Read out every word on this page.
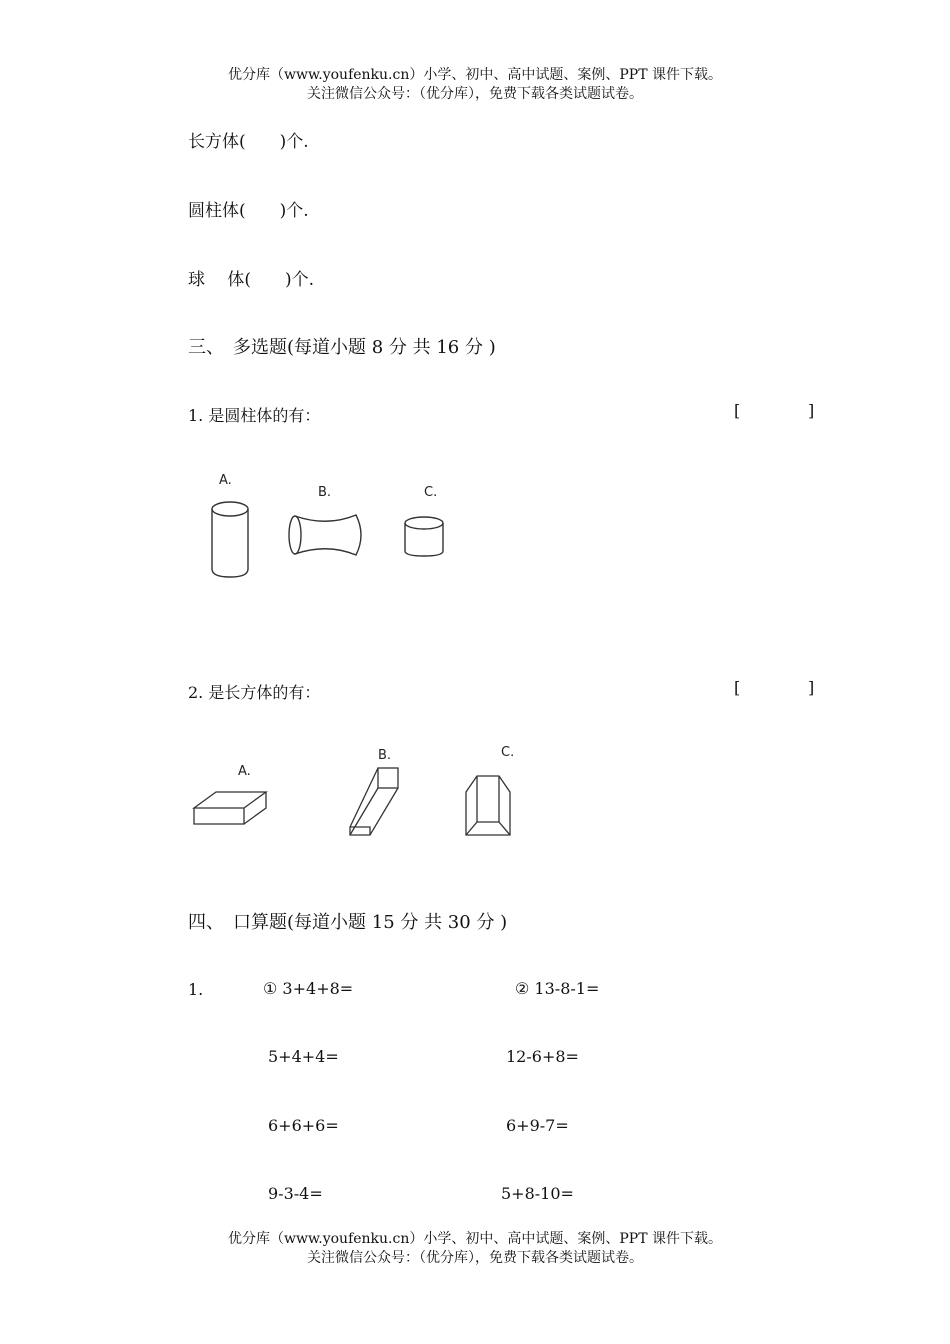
优分库（www.youfenku.cn）小学、初中、高中试题、案例、PPT 课件下载。
关注微信公众号：（优分库），免费下载各类试题试卷。
长方体(　　)个.
圆柱体(　　)个.
球　 体(　　)个.
三、　多选题(每道小题 8 分 共 16 分 )
1. 是圆柱体的有：	[	]
A.
B.	C.
2. 是长方体的有：	[	]
A.
B.	C.
四、　口算题(每道小题 15 分 共 30 分 )
1.	① 3+4+8=	② 13-8-1=
5+4+4=	12-6+8=
6+6+6=	6+9-7=
9-3-4=	5+8-10=
优分库（www.youfenku.cn）小学、初中、高中试题、案例、PPT 课件下载。
关注微信公众号：（优分库），免费下载各类试题试卷。
